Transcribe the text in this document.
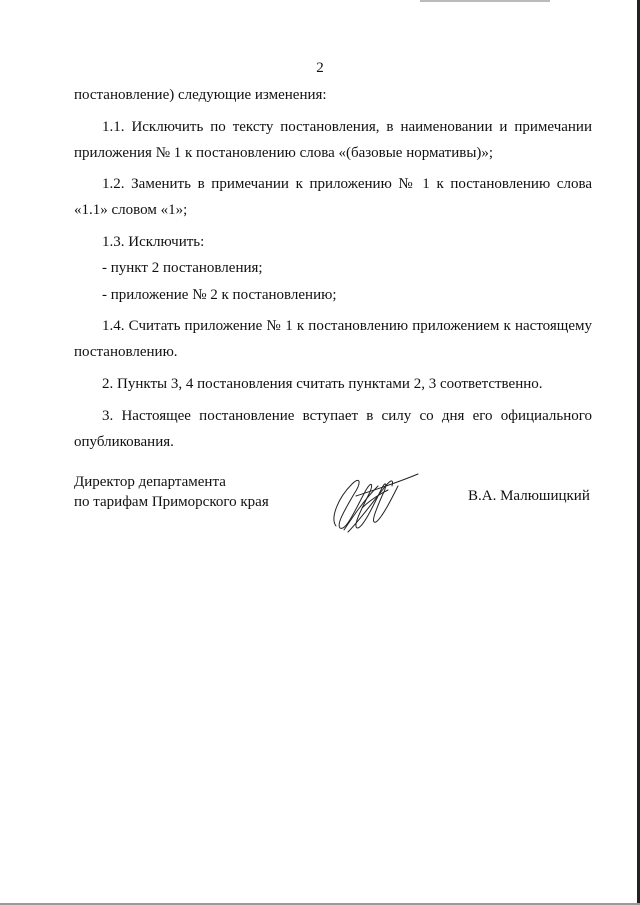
2

постановление) следующие изменения:

1.1. Исключить по тексту постановления, в наименовании и примечании приложения № 1 к постановлению слова «(базовые нормативы)»;

1.2. Заменить в примечании к приложению № 1 к постановлению слова «1.1» словом «1»;

1.3. Исключить:

- пункт 2 постановления;

- приложение № 2 к постановлению;

1.4. Считать приложение № 1 к постановлению приложением к настоящему постановлению.

2. Пункты 3, 4 постановления считать пунктами 2, 3 соответственно.

3. Настоящее постановление вступает в силу со дня его официального опубликования.

Директор департамента
по тарифам Приморского края	В.А. Малюшицкий
